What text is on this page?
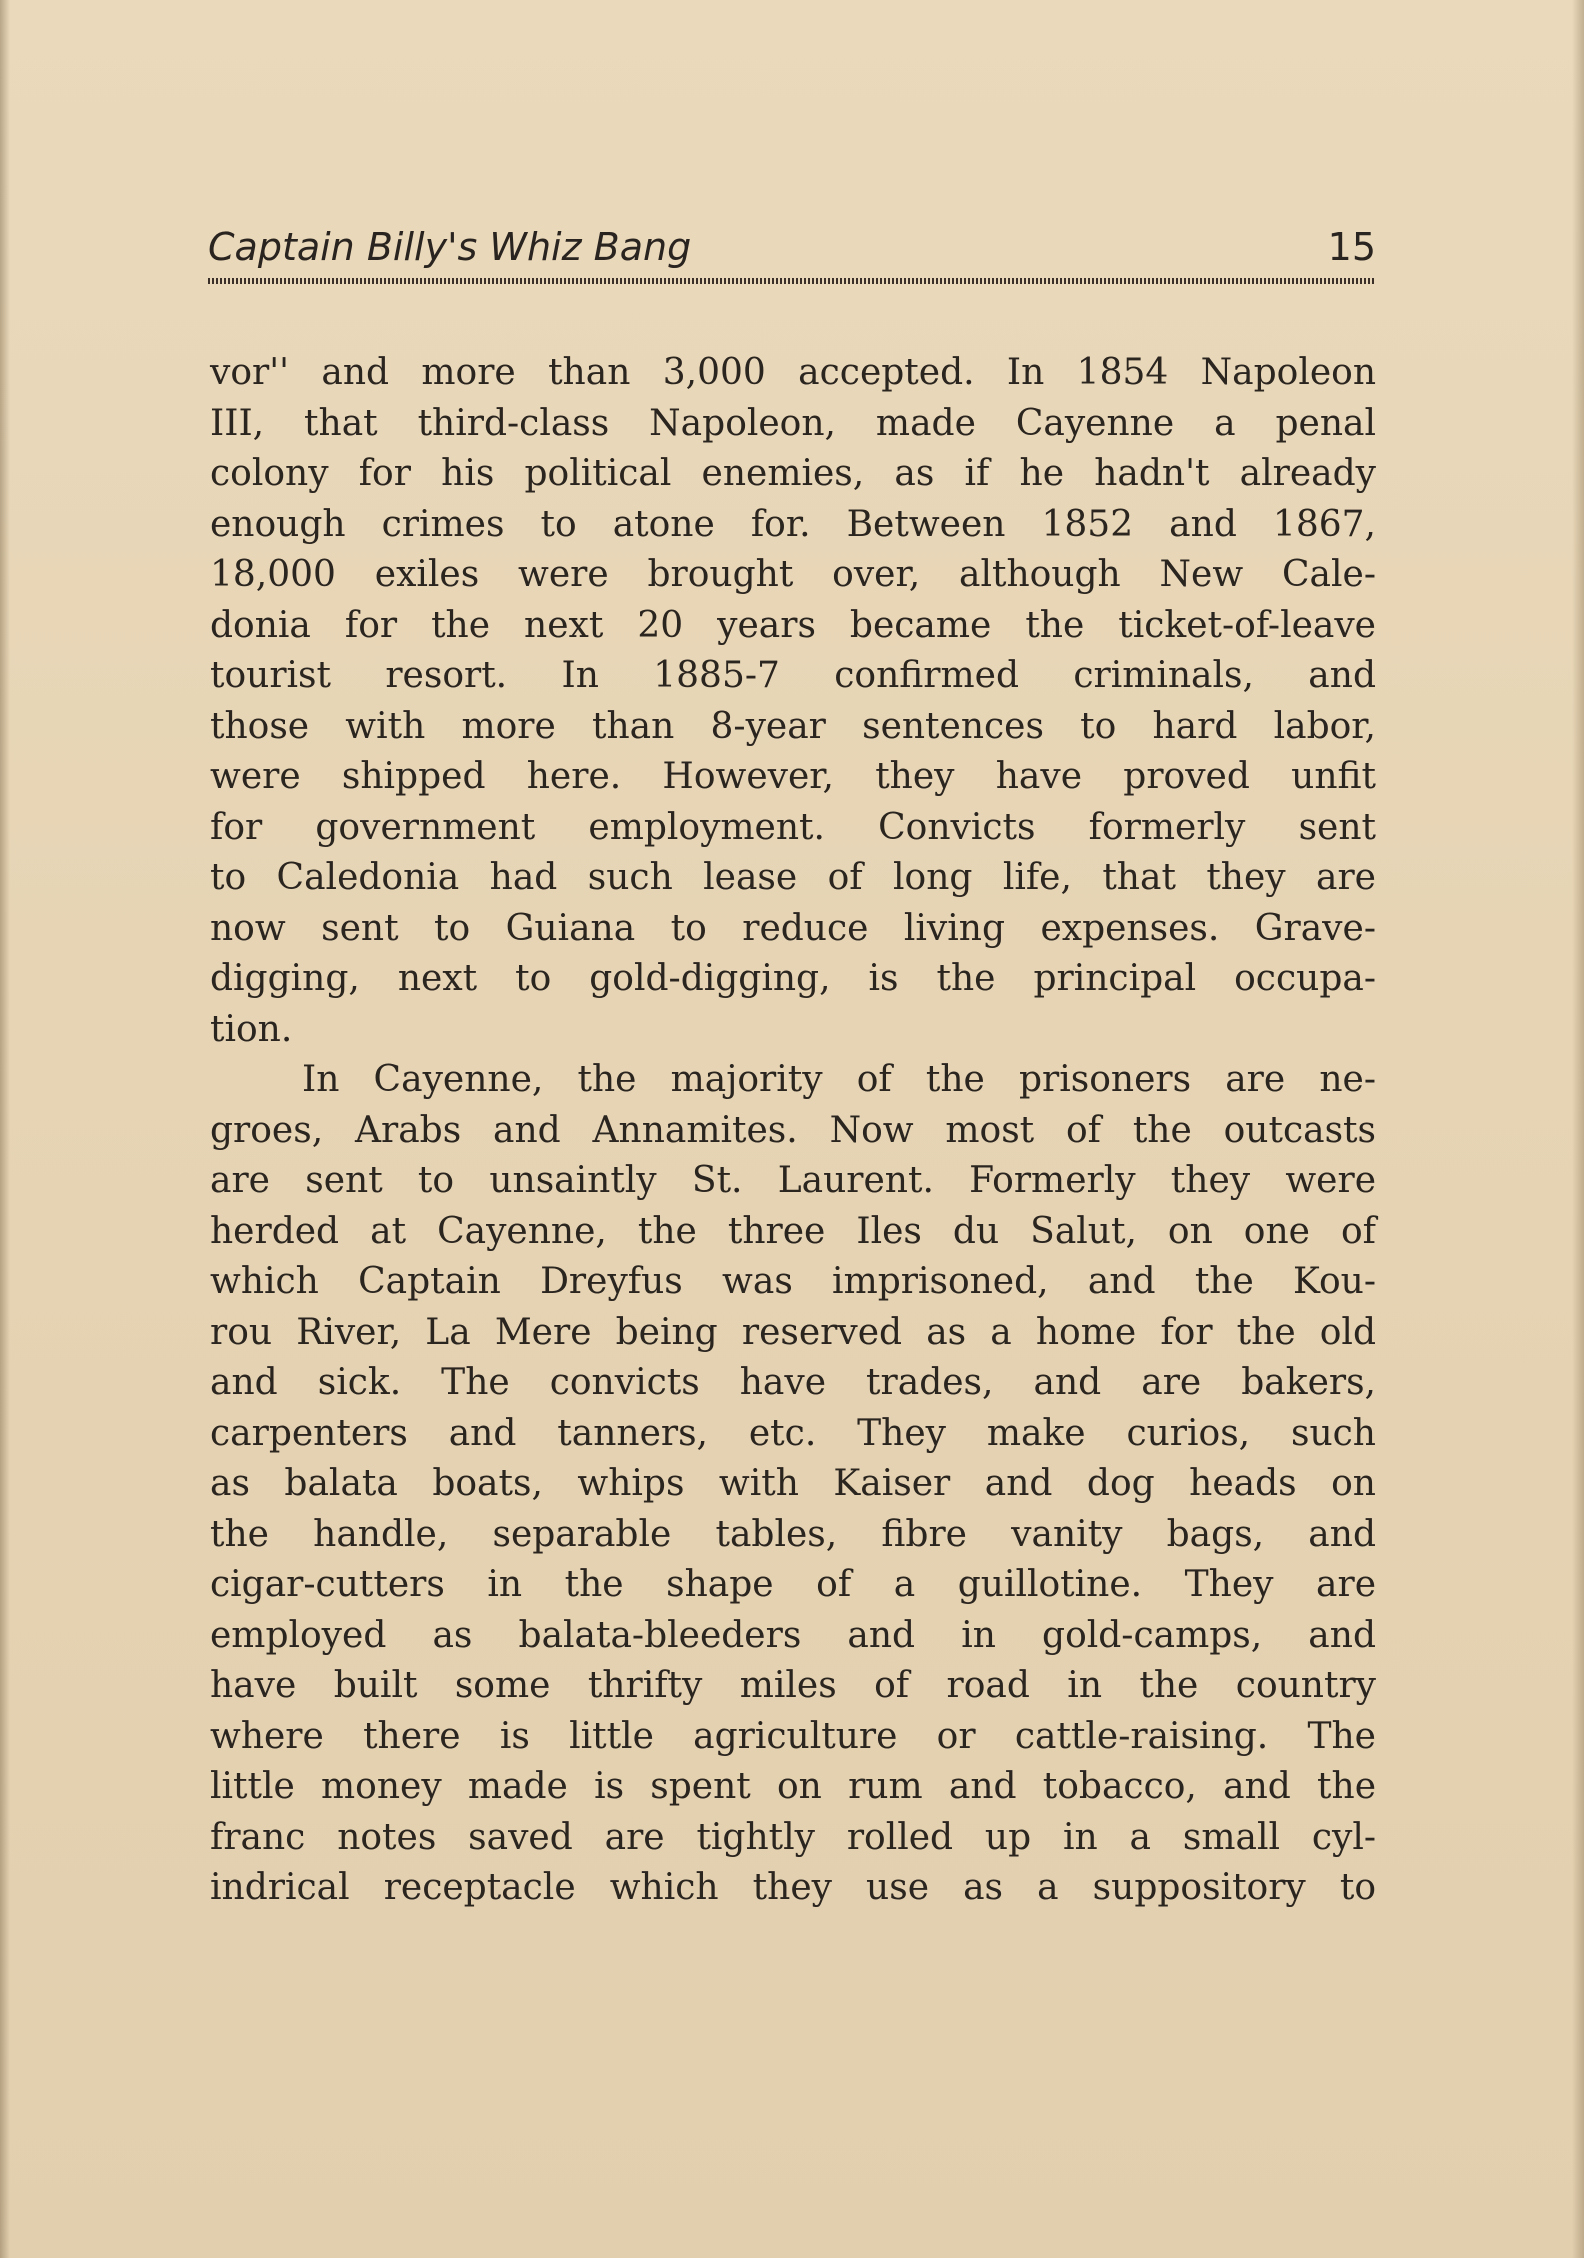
Captain Billy's Whiz Bang	15
vor'' and more than 3,000 accepted. In 1854 Napoleon
III, that third-class Napoleon, made Cayenne a penal
colony for his political enemies, as if he hadn't already
enough crimes to atone for. Between 1852 and 1867,
18,000 exiles were brought over, although New Cale-
donia for the next 20 years became the ticket-of-leave
tourist resort. In 1885-7 confirmed criminals, and
those with more than 8-year sentences to hard labor,
were shipped here. However, they have proved unfit
for government employment. Convicts formerly sent
to Caledonia had such lease of long life, that they are
now sent to Guiana to reduce living expenses. Grave-
digging, next to gold-digging, is the principal occupa-
tion.
In Cayenne, the majority of the prisoners are ne-
groes, Arabs and Annamites. Now most of the outcasts
are sent to unsaintly St. Laurent. Formerly they were
herded at Cayenne, the three Iles du Salut, on one of
which Captain Dreyfus was imprisoned, and the Kou-
rou River, La Mere being reserved as a home for the old
and sick. The convicts have trades, and are bakers,
carpenters and tanners, etc. They make curios, such
as balata boats, whips with Kaiser and dog heads on
the handle, separable tables, fibre vanity bags, and
cigar-cutters in the shape of a guillotine. They are
employed as balata-bleeders and in gold-camps, and
have built some thrifty miles of road in the country
where there is little agriculture or cattle-raising. The
little money made is spent on rum and tobacco, and the
franc notes saved are tightly rolled up in a small cyl-
indrical receptacle which they use as a suppository to
